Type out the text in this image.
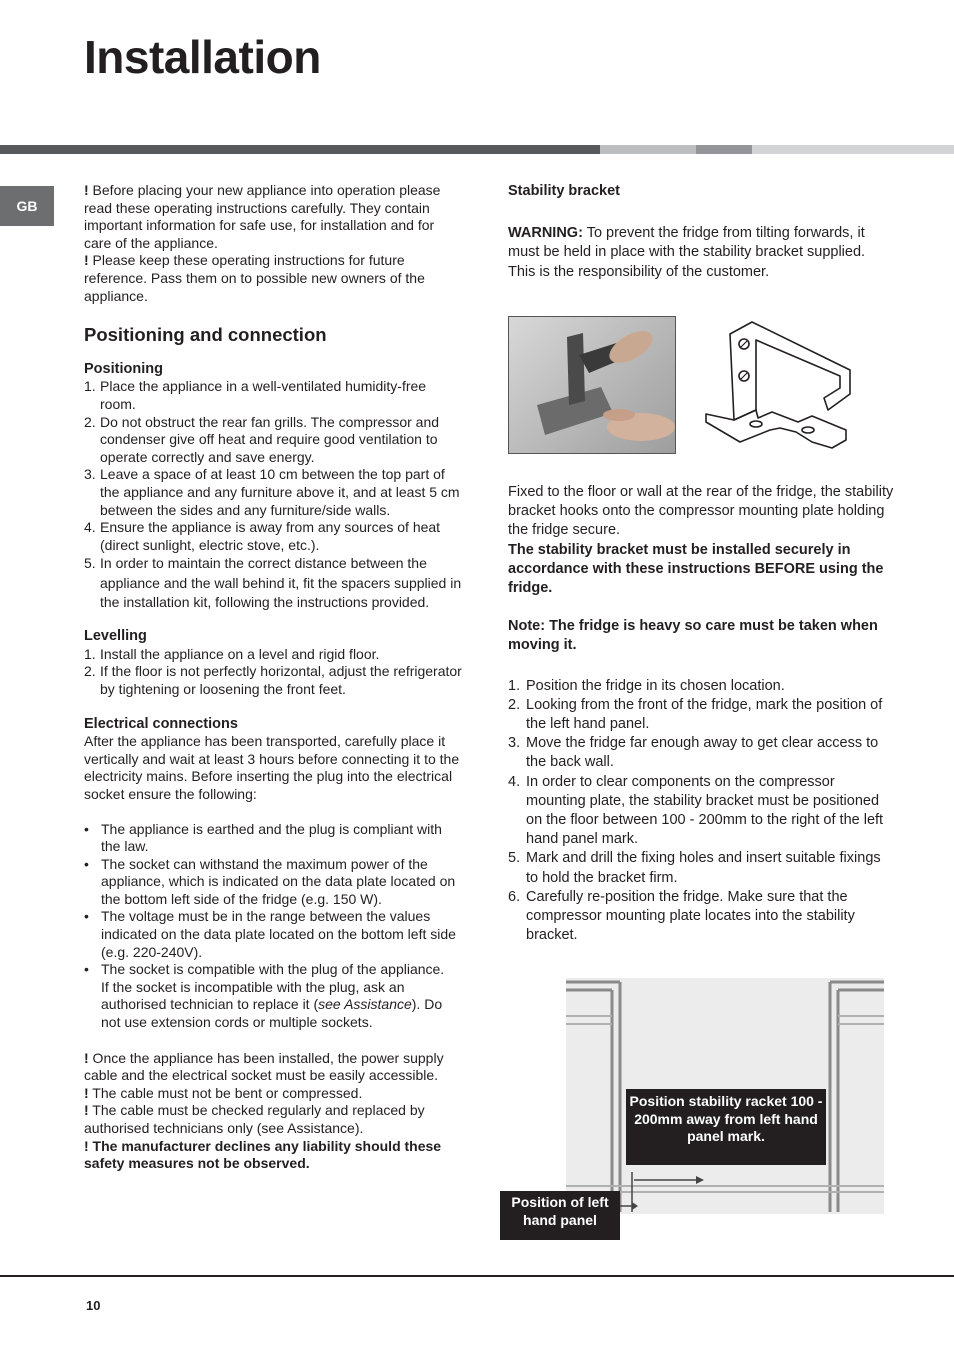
Installation
GB

! Before placing your new appliance into operation please read these operating instructions carefully. They contain important information for safe use, for installation and for care of the appliance.

! Please keep these operating instructions for future reference. Pass them on to possible new owners of the appliance.

Positioning and connection
Positioning
1. Place the appliance in a well-ventilated humidity-free room.
2. Do not obstruct the rear fan grills. The compressor and condenser give off heat and require good ventilation to operate correctly and save energy.
3. Leave a space of at least 10 cm between the top part of the appliance and any furniture above it, and at least 5 cm between the sides and any furniture/side walls.
4. Ensure the appliance is away from any sources of heat (direct sunlight, electric stove, etc.).
5. In order to maintain the correct distance between the appliance and the wall behind it, fit the spacers supplied in the installation kit, following the instructions provided.
Levelling
1. Install the appliance on a level and rigid floor.
2. If the floor is not perfectly horizontal, adjust the refrigerator by tightening or loosening the front feet.
Electrical connections

After the appliance has been transported, carefully place it vertically and wait at least 3 hours before connecting it to the electricity mains. Before inserting the plug into the electrical socket ensure the following:

• The appliance is earthed and the plug is compliant with the law.
• The socket can withstand the maximum power of the appliance, which is indicated on the data plate located on the bottom left side of the fridge (e.g. 150 W).
• The voltage must be in the range between the values indicated on the data plate located on the bottom left side (e.g. 220-240V).
• The socket is compatible with the plug of the appliance.
If the socket is incompatible with the plug, ask an authorised technician to replace it (see Assistance). Do not use extension cords or multiple sockets.

! Once the appliance has been installed, the power supply cable and the electrical socket must be easily accessible.

! The cable must not be bent or compressed.

! The cable must be checked regularly and replaced by authorised technicians only (see Assistance).

! The manufacturer declines any liability should these safety measures not be observed.

Stability bracket

WARNING: To prevent the fridge from tilting forwards, it must be held in place with the stability bracket supplied.

This is the responsibility of the customer.

Fixed to the floor or wall at the rear of the fridge, the stability bracket hooks onto the compressor mounting plate holding the fridge secure.

The stability bracket must be installed securely in accordance with these instructions BEFORE using the fridge.

Note: The fridge is heavy so care must be taken when moving it.

1. Position the fridge in its chosen location.
2. Looking from the front of the fridge, mark the position of the left hand panel.
3. Move the fridge far enough away to get clear access to the back wall.
4. In order to clear components on the compressor mounting plate, the stability bracket must be positioned on the floor between 100 - 200mm to the right of the left hand panel mark.
5. Mark and drill the fixing holes and insert suitable fixings to hold the bracket firm.
6. Carefully re-position the fridge. Make sure that the compressor mounting plate locates into the stability bracket.
Position stability racket 100 - 200mm away from left hand panel mark.
Position of left hand panel
10
